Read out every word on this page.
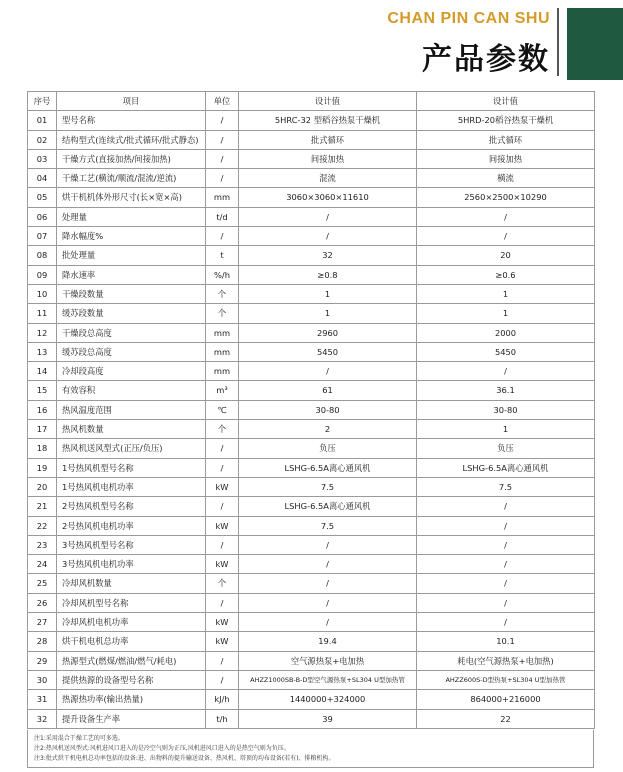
CHAN PIN CAN SHU
产品参数
序号	项目	单位	设计值	设计值
01	型号名称	/	5HRC-32 型稻谷热泵干燥机	5HRD-20稻谷热泵干燥机
02	结构型式(连续式/批式循环/批式静态)	/	批式循环	批式循环
03	干燥方式(直接加热/间接加热)	/	间接加热	间接加热
04	干燥工艺(横流/顺流/混流/逆流)	/	混流	横流
05	烘干机机体外形尺寸(长×宽×高)	mm	3060×3060×11610	2560×2500×10290
06	处理量	t/d	/	/
07	降水幅度%	/	/	/
08	批处理量	t	32	20
09	降水速率	%/h	≥0.8	≥0.6
10	干燥段数量	个	1	1
11	缓苏段数量	个	1	1
12	干燥段总高度	mm	2960	2000
13	缓苏段总高度	mm	5450	5450
14	冷却段高度	mm	/	/
15	有效容积	m³	61	36.1
16	热风温度范围	℃	30-80	30-80
17	热风机数量	个	2	1
18	热风机送风型式(正压/负压)	/	负压	负压
19	1号热风机型号名称	/	LSHG-6.5A离心通风机	LSHG-6.5A离心通风机
20	1号热风机电机功率	kW	7.5	7.5
21	2号热风机型号名称	/	LSHG-6.5A离心通风机	/
22	2号热风机电机功率	kW	7.5	/
23	3号热风机型号名称	/	/	/
24	3号热风机电机功率	kW	/	/
25	冷却风机数量	个	/	/
26	冷却风机型号名称	/	/	/
27	冷却风机电机功率	kW	/	/
28	烘干机电机总功率	kW	19.4	10.1
29	热源型式(燃煤/燃油/燃气/耗电)	/	空气源热泵+电加热	耗电(空气源热泵+电加热)
30	提供热源的设备型号名称	/	AHZZ1000SB-B-D型空气源热泵+SL304 U型加热管	AHZZ600S-D型热泵+SL304 U型加热管
31	热源热功率(输出热量)	kJ/h	1440000+324000	864000+216000
32	提升设备生产率	t/h	39	22
注1:采用混合干燥工艺的可多选。
注2:热风机送风型式:风机进风口进入的是冷空气则为正压,风机进风口进入的是热空气则为负压。
注3:批式烘干机电机总功率包括的设备:进、出物料的提升输送设备、热风机、塔顶的均布设备(若有)、排粮机构。
